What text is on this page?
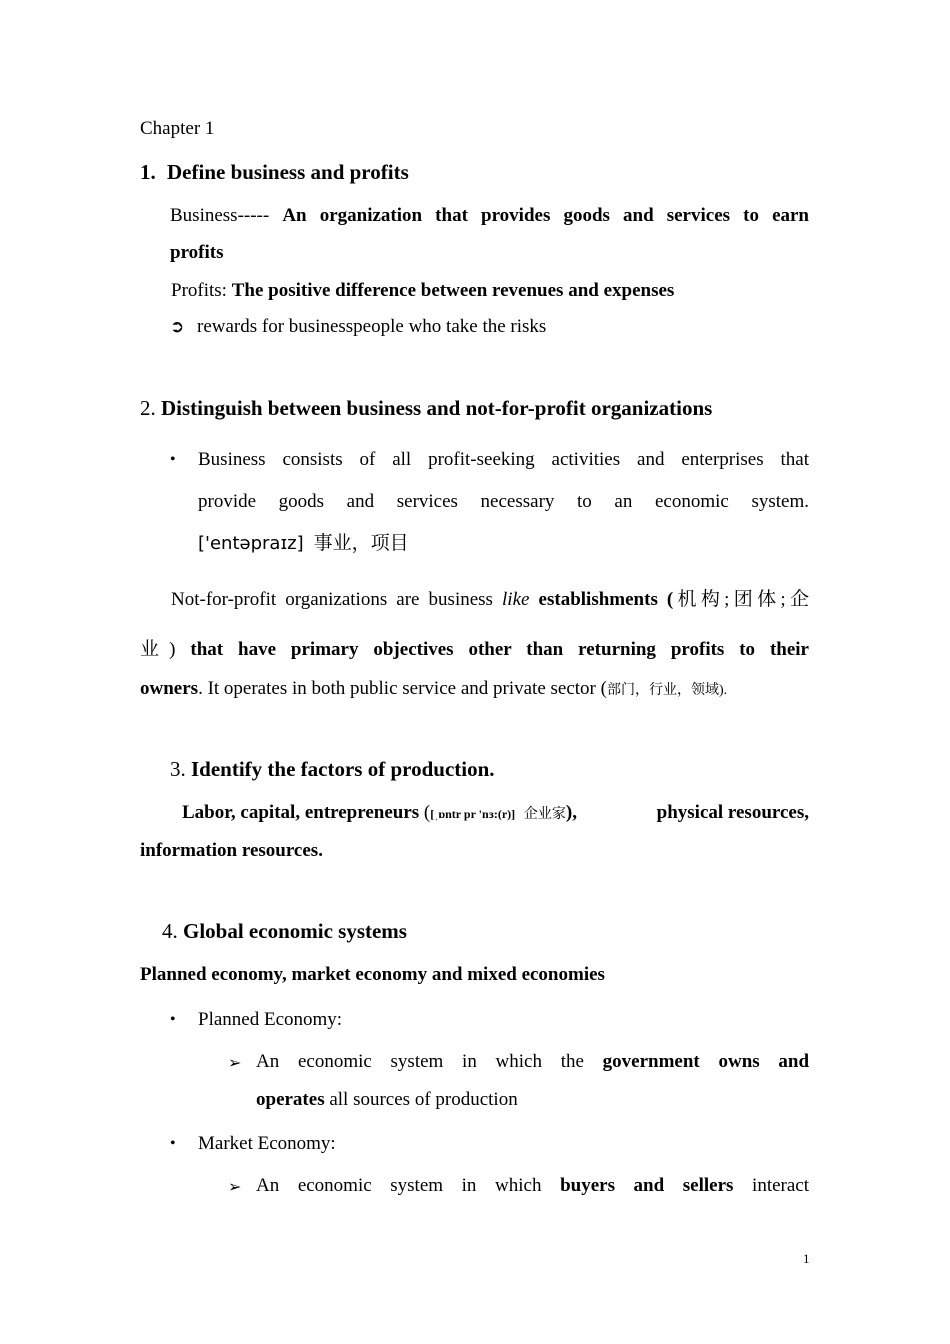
Chapter 1
1. Define business and profits
Business----- An organization that provides goods and services to earn
profits
Profits: The positive difference between revenues and expenses
➲ rewards for businesspeople who take the risks
2. Distinguish between business and not-for-profit organizations
• Business consists of all profit-seeking activities and enterprises that
provide goods and services necessary to an economic system.
['entəpraɪz] 事业，项目
Not-for-profit organizations are business like establishments (机构;团体;企
业) that have primary objectives other than returning profits to their
owners. It operates in both public service and private sector (部门，行业，领域).
3. Identify the factors of production.
Labor, capital, entrepreneurs ([ˌɒntr pr 'nɜ:(r)] 企业家),	physical resources,
information resources.
4. Global economic systems
Planned economy, market economy and mixed economies
• Planned Economy:
➢ An economic system in which the government owns and
operates all sources of production
• Market Economy:
➢ An economic system in which buyers and sellers interact
1
